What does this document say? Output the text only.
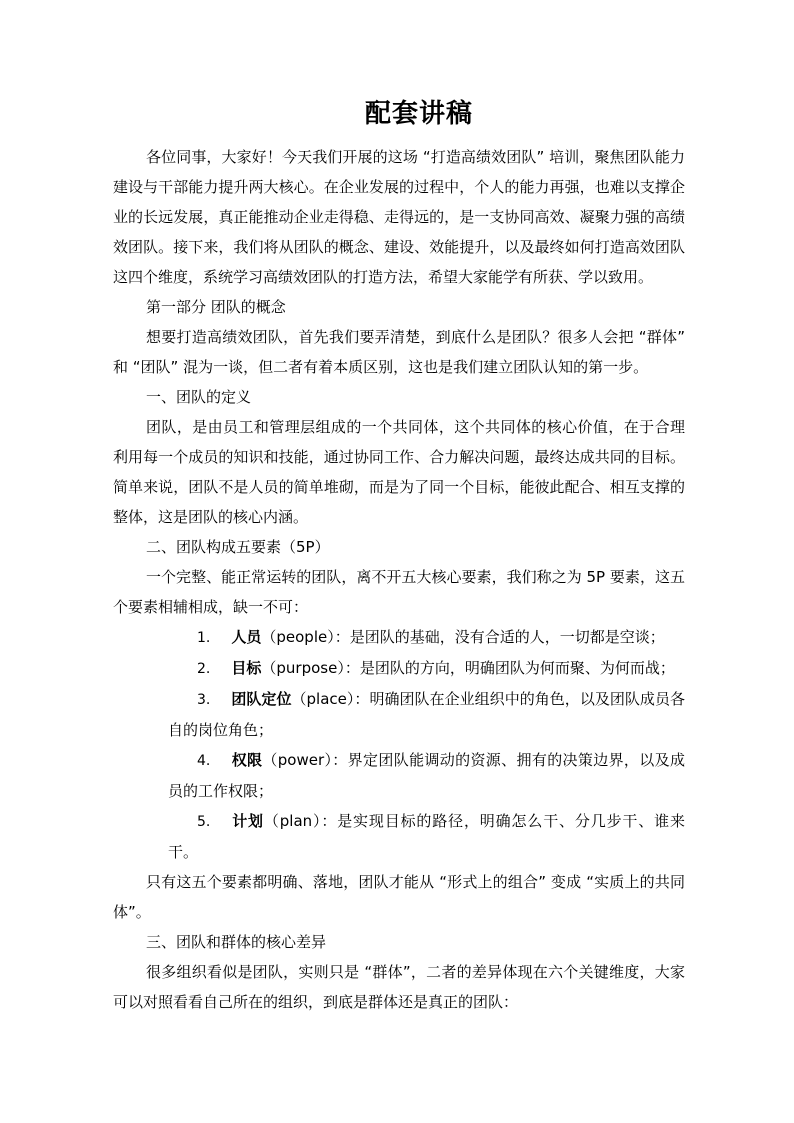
配套讲稿

各位同事，大家好！今天我们开展的这场 “打造高绩效团队” 培训，聚焦团队能力建设与干部能力提升两大核心。在企业发展的过程中，个人的能力再强，也难以支撑企业的长远发展，真正能推动企业走得稳、走得远的，是一支协同高效、凝聚力强的高绩效团队。接下来，我们将从团队的概念、建设、效能提升，以及最终如何打造高效团队这四个维度，系统学习高绩效团队的打造方法，希望大家能学有所获、学以致用。

第一部分 团队的概念

想要打造高绩效团队，首先我们要弄清楚，到底什么是团队？很多人会把 “群体” 和 “团队” 混为一谈，但二者有着本质区别，这也是我们建立团队认知的第一步。

一、团队的定义

团队，是由员工和管理层组成的一个共同体，这个共同体的核心价值，在于合理利用每一个成员的知识和技能，通过协同工作、合力解决问题，最终达成共同的目标。简单来说，团队不是人员的简单堆砌，而是为了同一个目标，能彼此配合、相互支撑的整体，这是团队的核心内涵。

二、团队构成五要素（5P）

一个完整、能正常运转的团队，离不开五大核心要素，我们称之为 5P 要素，这五个要素相辅相成，缺一不可：

1. 人员（people）：是团队的基础，没有合适的人，一切都是空谈；
2. 目标（purpose）：是团队的方向，明确团队为何而聚、为何而战；
3. 团队定位（place）：明确团队在企业组织中的角色，以及团队成员各自的岗位角色；
4. 权限（power）：界定团队能调动的资源、拥有的决策边界，以及成员的工作权限；
5. 计划（plan）：是实现目标的路径，明确怎么干、分几步干、谁来干。

只有这五个要素都明确、落地，团队才能从 “形式上的组合” 变成 “实质上的共同体”。

三、团队和群体的核心差异

很多组织看似是团队，实则只是 “群体”，二者的差异体现在六个关键维度，大家可以对照看看自己所在的组织，到底是群体还是真正的团队：
